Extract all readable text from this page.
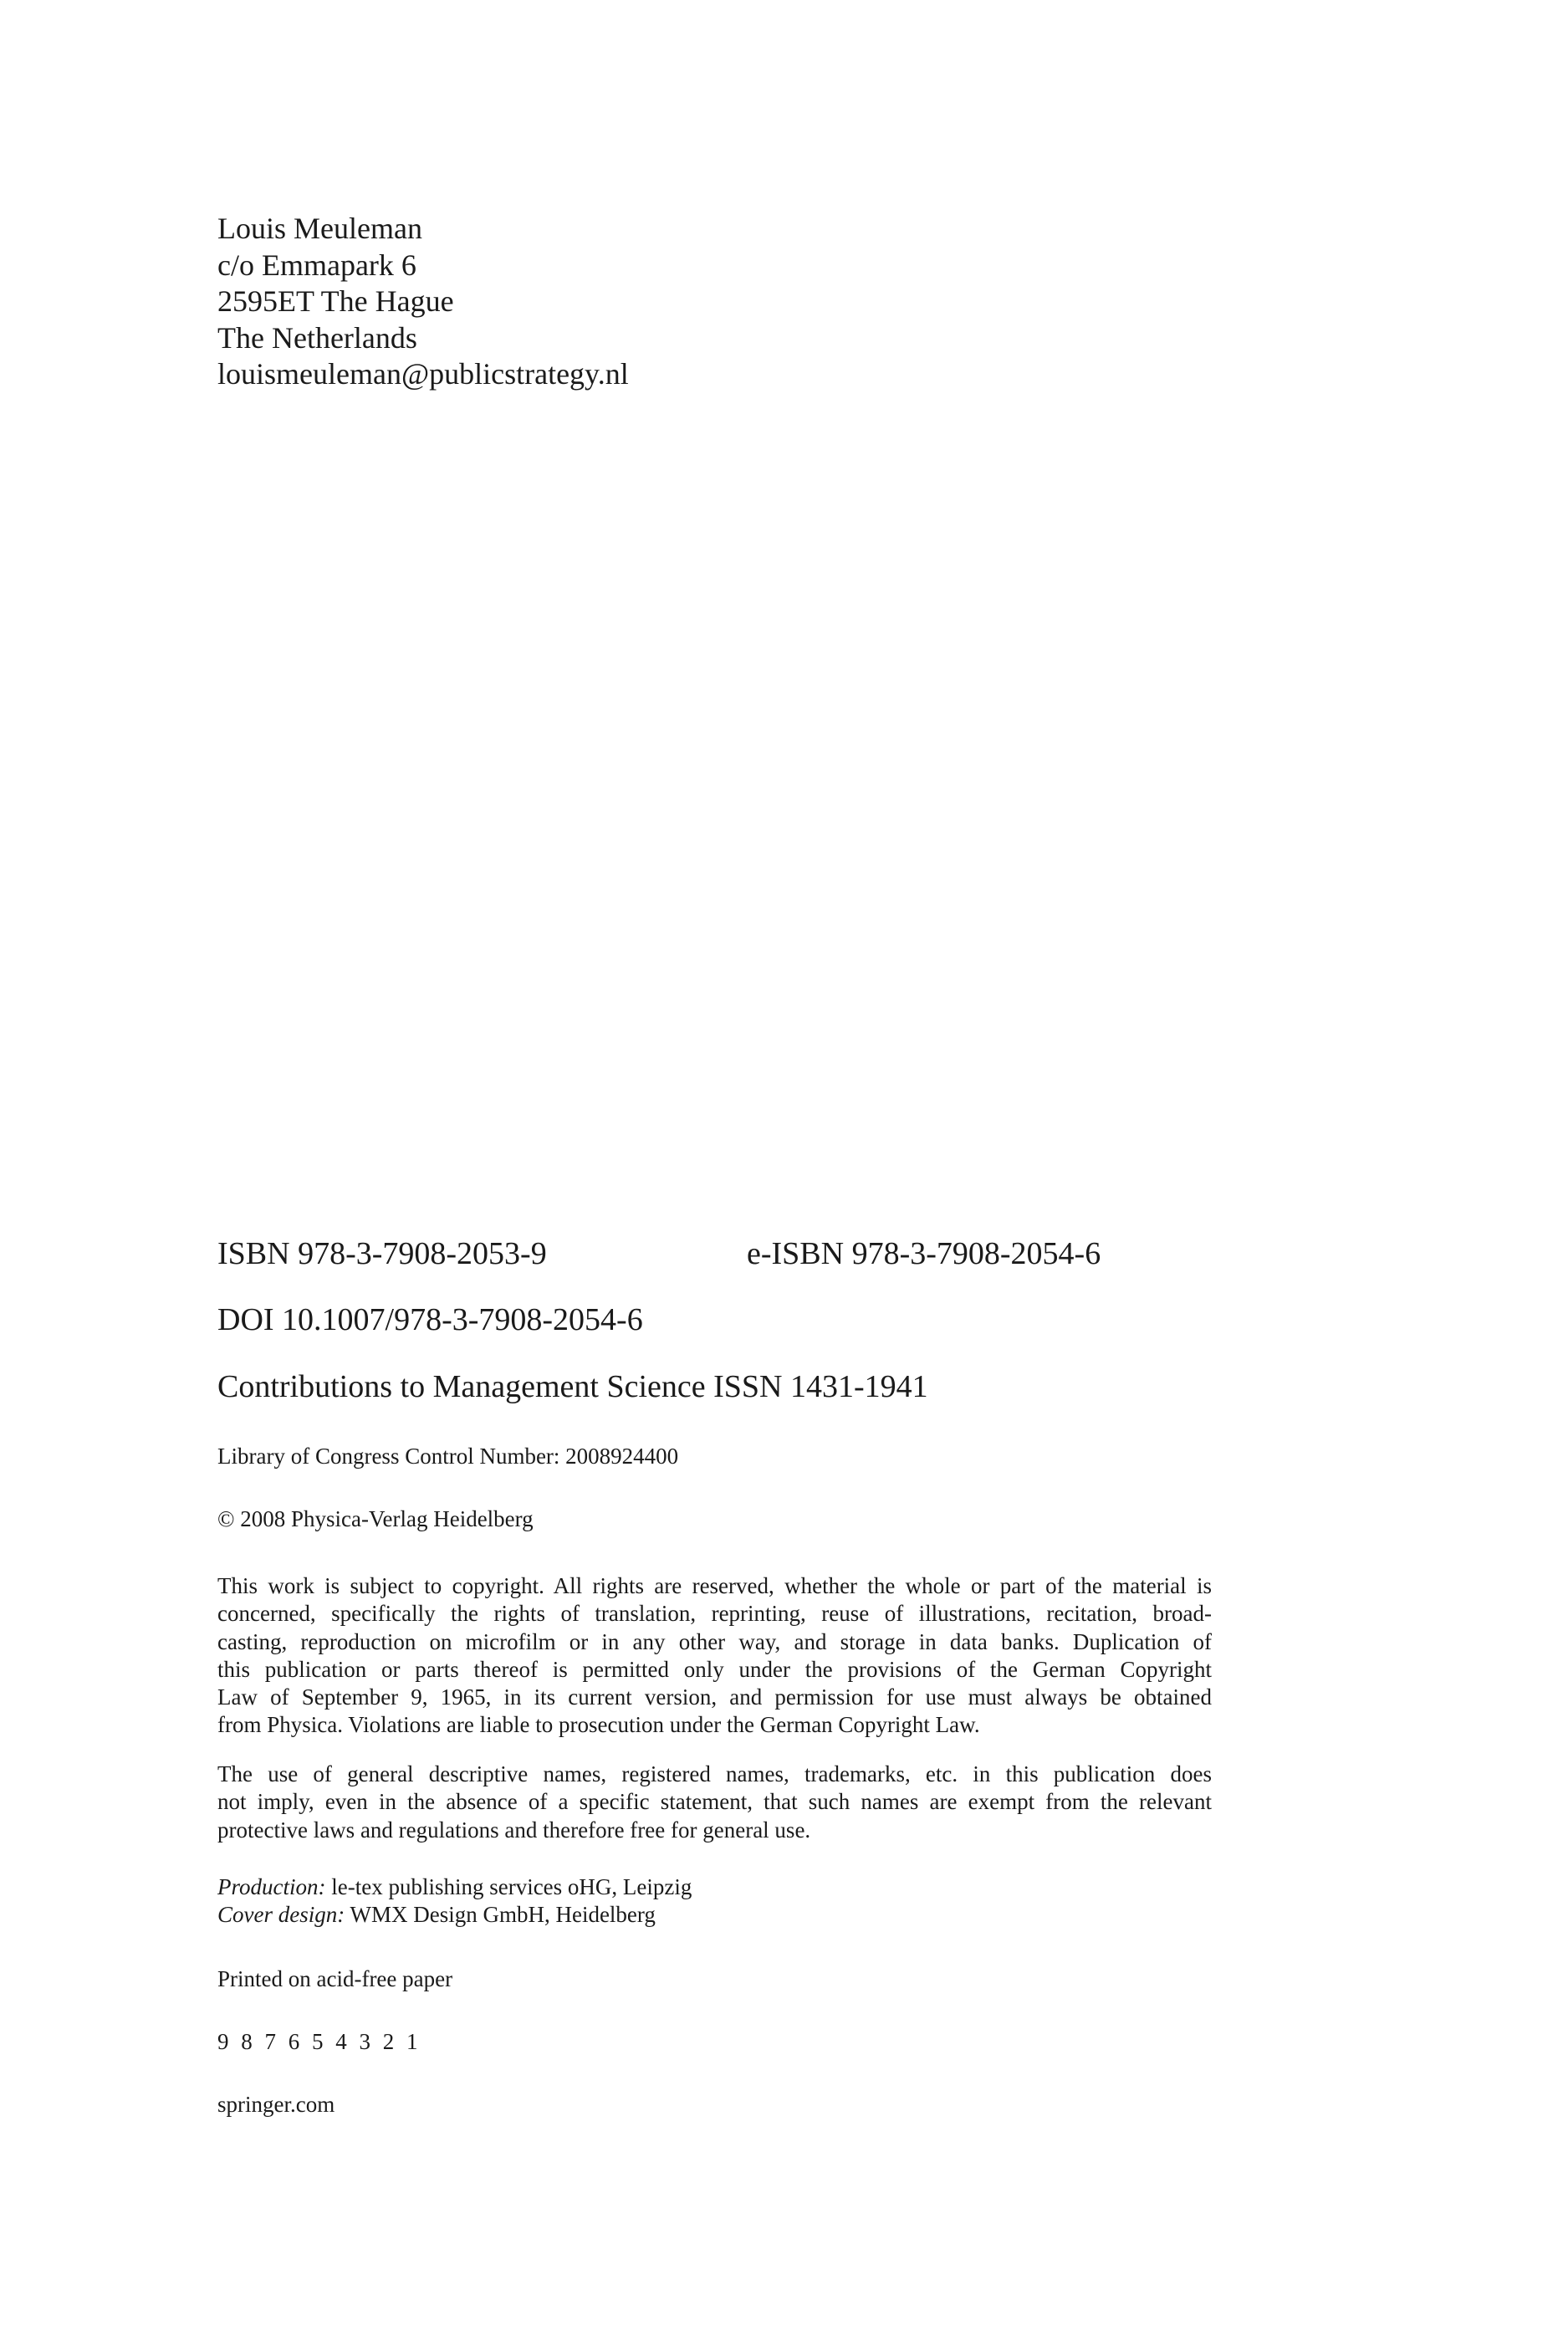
Louis Meuleman
c/o Emmapark 6
2595ET The Hague
The Netherlands
louismeuleman@publicstrategy.nl
ISBN 978-3-7908-2053-9	e-ISBN 978-3-7908-2054-6
DOI 10.1007/978-3-7908-2054-6
Contributions to Management Science ISSN 1431-1941
Library of Congress Control Number: 2008924400
© 2008 Physica-Verlag Heidelberg
This work is subject to copyright. All rights are reserved, whether the whole or part of the material is
concerned, specifically the rights of translation, reprinting, reuse of illustrations, recitation, broad-
casting, reproduction on microfilm or in any other way, and storage in data banks. Duplication of
this publication or parts thereof is permitted only under the provisions of the German Copyright
Law of September 9, 1965, in its current version, and permission for use must always be obtained
from Physica. Violations are liable to prosecution under the German Copyright Law.
The use of general descriptive names, registered names, trademarks, etc. in this publication does
not imply, even in the absence of a specific statement, that such names are exempt from the relevant
protective laws and regulations and therefore free for general use.
Production: le-tex publishing services oHG, Leipzig
Cover design: WMX Design GmbH, Heidelberg
Printed on acid-free paper
9 8 7 6 5 4 3 2 1
springer.com
